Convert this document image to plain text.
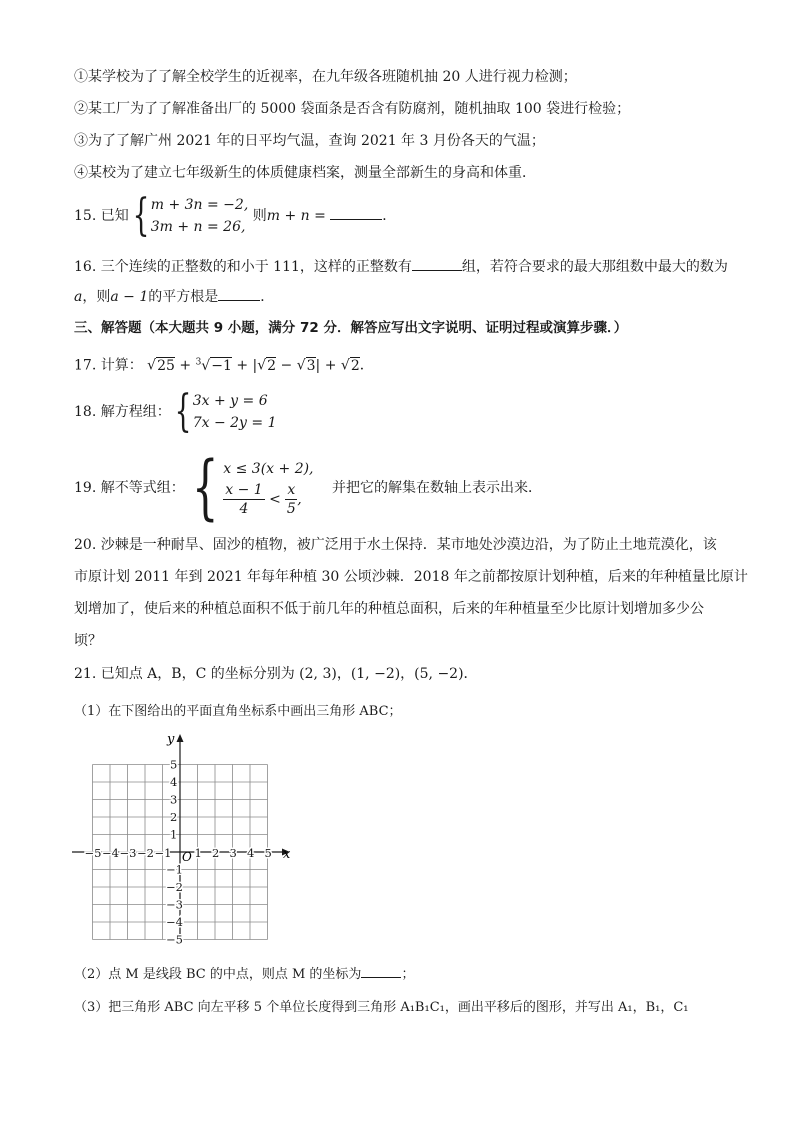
①某学校为了了解全校学生的近视率，在九年级各班随机抽 20 人进行视力检测；
②某工厂为了了解准备出厂的 5000 袋面条是否含有防腐剂，随机抽取 100 袋进行检验；
③为了了解广州 2021 年的日平均气温，查询 2021 年 3 月份各天的气温；
④某校为了建立七年级新生的体质健康档案，测量全部新生的身高和体重．
15. 已知{ m + 3n = −2,
3m + n = 26, 则m + n =	．
16. 三个连续的正整数的和小于 111，这样的正整数有	组，若符合要求的最大那组数中最大的数为
a，则a − 1的平方根是	．
三、解答题（本大题共 9 小题，满分 72 分．解答应写出文字说明、证明过程或演算步骤．）
17. 计算： √25 + $^3$√−1 + |√2 − √3| + √2．
18. 解方程组：{ 3x + y = 6
7x − 2y = 1
19. 解不等式组：{ x ≤ 3(x + 2),

$\frac{x - 1}{4} < \frac{x}{5}$ , 并把它的解集在数轴上表示出来．
20. 沙棘是一种耐旱、固沙的植物，被广泛用于水土保持．某市地处沙漠边沿，为了防止土地荒漠化，该
市原计划 2011 年到 2021 年每年种植 30 公顷沙棘．2018 年之前都按原计划种植，后来的年种植量比原计
划增加了，使后来的种植总面积不低于前几年的种植总面积，后来的年种植量至少比原计划增加多少公
顷？
21. 已知点 A，B，C 的坐标分别为 (2, 3)，(1, −2)，(5, −2)．
（1）在下图给出的平面直角坐标系中画出三角形 ABC；
x
y
O
−5 −4 −3 −2 −1 1 2 3 4 5
5
4
3
2
1
−1
−2
−3
−4
−5
（2）点 M 是线段 BC 的中点，则点 M 的坐标为	；
（3）把三角形 ABC 向左平移 5 个单位长度得到三角形 A₁B₁C₁，画出平移后的图形，并写出 A₁，B₁，C₁
